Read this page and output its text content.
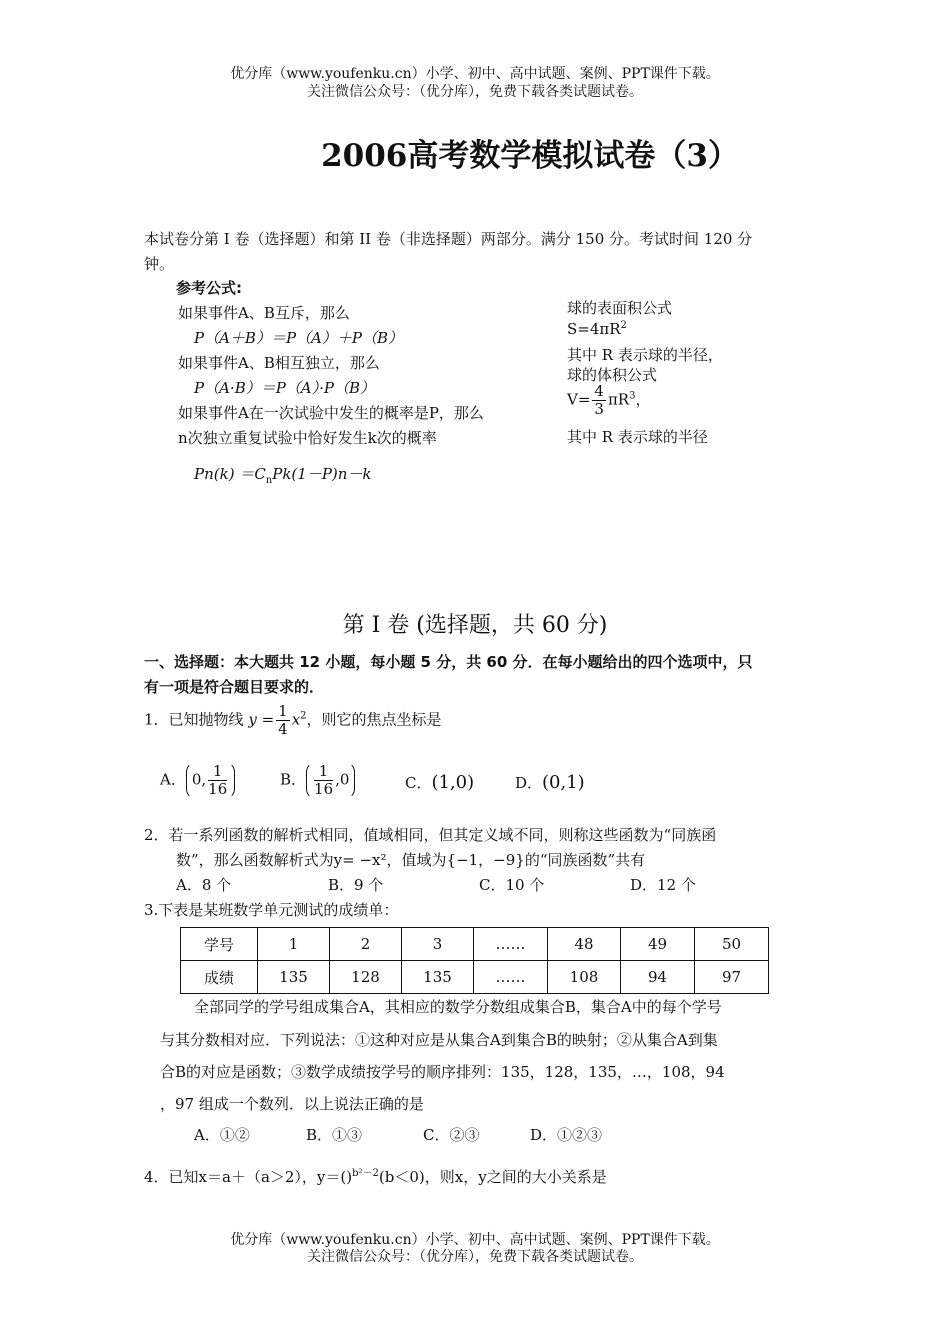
优分库（www.youfenku.cn）小学、初中、高中试题、案例、PPT课件下载。
关注微信公众号：（优分库），免费下载各类试题试卷。
2006高考数学模拟试卷（3）
本试卷分第 I 卷（选择题）和第 II 卷（非选择题）两部分。满分 150 分。考试时间 120 分
钟。
参考公式:
如果事件A、B互斥，那么
P（A＋B）＝P（A）＋P（B）
如果事件A、B相互独立，那么
P（A·B）＝P（A）·P（B）
如果事件A在一次试验中发生的概率是P，那么
n次独立重复试验中恰好发生k次的概率
$Pn(k) =C_nPk(1-P)n-k$
球的表面积公式
$S=4\pi R^2$
其中 R 表示球的半径，
球的体积公式
$V= \frac{4}{3} \pi R^3$，
其中 R 表示球的半径
第 I 卷 (选择题，共 60 分)
一、选择题：本大题共 12 小题，每小题 5 分，共 60 分．在每小题给出的四个选项中，只
有一项是符合题目要求的．
1．已知抛物线 $y = \frac{1}{4} x^2$，则它的焦点坐标是
A． 0, $\frac{1}{16}$	B． $\frac{1}{16} ,0$	C．(1,0)	D．(0,1)
2．若一系列函数的解析式相同，值域相同，但其定义域不同，则称这些函数为“同族函
数”，那么函数解析式为y= −x²，值域为{−1，−9}的“同族函数”共有
A．8 个	B．9 个	C．10 个	D．12 个
3.下表是某班数学单元测试的成绩单：
学号	1	2	3	……	48	49	50
成绩	135	128	135	……	108	94	97
全部同学的学号组成集合A，其相应的数学分数组成集合B，集合A中的每个学号
与其分数相对应．下列说法：①这种对应是从集合A到集合B的映射；②从集合A到集
合B的对应是函数；③数学成绩按学号的顺序排列：135，128，135，…，108，94
，97 组成一个数列．以上说法正确的是
A．①②	B．①③	C．②③	D．①②③
4．已知x＝a＋（a＞2），y＝()$^{b^2-2}$(b＜0)，则x，y之间的大小关系是
优分库（www.youfenku.cn）小学、初中、高中试题、案例、PPT课件下载。
关注微信公众号：（优分库），免费下载各类试题试卷。
